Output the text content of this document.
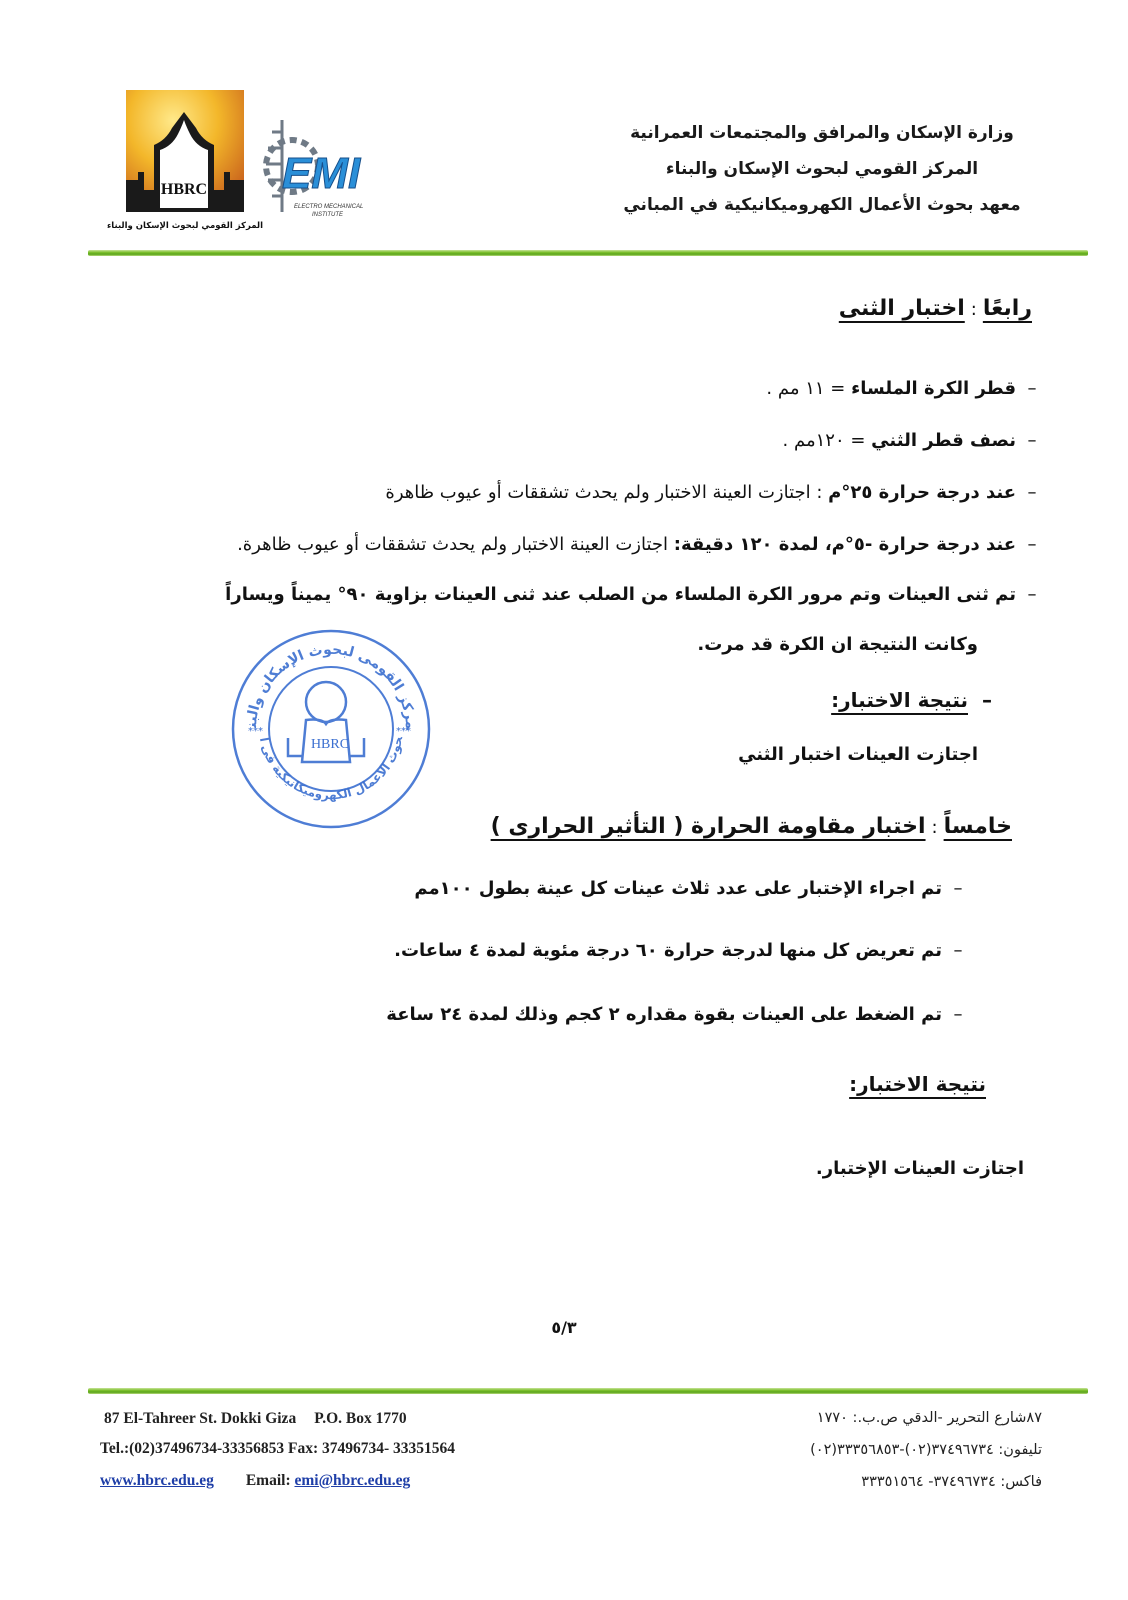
HBRC
المركز القومي لبحوث الإسكان والبناء
EMI
ELECTRO MECHANICAL
INSTITUTE
وزارة الإسكان والمرافق والمجتمعات العمرانية
المركز القومي لبحوث الإسكان والبناء
معهد بحوث الأعمال الكهروميكانيكية في المباني
رابعًا:اختبار الثنى
–قطر الكرة الملساء = ١١ مم .
–نصف قطر الثني = ١٢٠مم .
–عند درجة حرارة ٢٥°م : اجتازت العينة الاختبار ولم يحدث تشققات أو عيوب ظاهرة
–عند درجة حرارة -٥°م، لمدة ١٢٠ دقيقة: اجتازت العينة الاختبار ولم يحدث تشققات أو عيوب ظاهرة.
–تم ثنى العينات وتم مرور الكرة الملساء من الصلب عند ثنى العينات بزاوية ٩٠° يميناً ويساراً
وكانت النتيجة ان الكرة قد مرت.
–نتيجة الاختبار:
اجتازت العينات اختبار الثني
مركز القومى لبحوث الإسكان والبن
حوث الاعمال الكهروميكانيكية فى ا
***	***
HBRC
خامساً:اختبار مقاومة الحرارة ( التأثير الحرارى )
–تم اجراء الإختبار على عدد ثلاث عينات كل عينة بطول ١٠٠مم
–تم تعريض كل منها لدرجة حرارة ٦٠ درجة مئوية لمدة ٤ ساعات.
–تم الضغط على العينات بقوة مقداره ٢ كجم وذلك لمدة ٢٤ ساعة
نتيجة الاختبار:
اجتازت العينات الإختبار.
٥/٣
87 El-Tahreer St. Dokki Giza P.O. Box 1770
Tel.:(02)37496734-33356853 Fax: 37496734- 33351564
www.hbrc.edu.eg Email: emi@hbrc.edu.eg
٨٧شارع التحرير -الدقي ص.ب.: ١٧٧٠
تليفون: ٣٧٤٩٦٧٣٤(٠٢)-٣٣٣٥٦٨٥٣(٠٢)
فاكس: ٣٧٤٩٦٧٣٤- ٣٣٣٥١٥٦٤
